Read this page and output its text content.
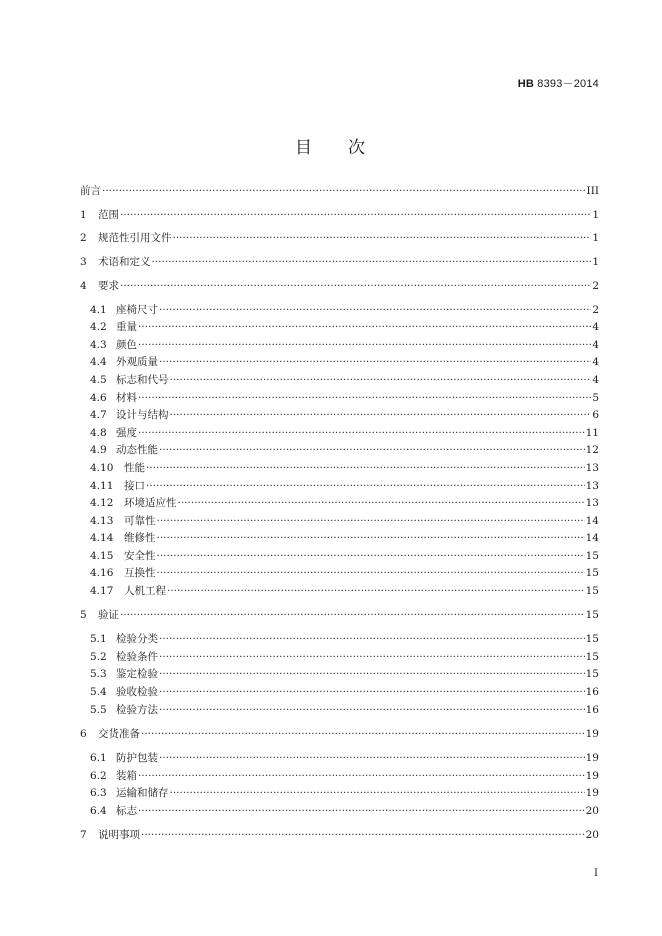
HB 8393－2014
目 次
前言 ·····	III
1	范围 ·····	1
2	规范性引用文件 ·····	1
3	术语和定义 ·····	1
4	要求 ·····	2
4.1 座椅尺寸 ·····	2
4.2 重量 ·····	4
4.3 颜色 ·····	4
4.4 外观质量 ·····	4
4.5 标志和代号 ·····	4
4.6 材料 ·····	5
4.7 设计与结构 ·····	6
4.8 强度 ·····	11
4.9 动态性能 ·····	12
4.10	性能 ·····	13
4.11	接口 ·····	13
4.12	环境适应性 ·····	13
4.13	可靠性 ·····	14
4.14	维修性 ·····	14
4.15	安全性 ·····	15
4.16	互换性 ·····	15
4.17	人机工程 ·····	15
5	验证 ·····	15
5.1 检验分类 ·····	15
5.2 检验条件 ·····	15
5.3 鉴定检验 ·····	15
5.4 验收检验 ·····	16
5.5 检验方法 ·····	16
6	交货准备 ·····	19
6.1 防护包装 ·····	19
6.2 装箱 ·····	19
6.3 运输和储存 ·····	19
6.4 标志 ·····	20
7	说明事项 ·····	20
I
